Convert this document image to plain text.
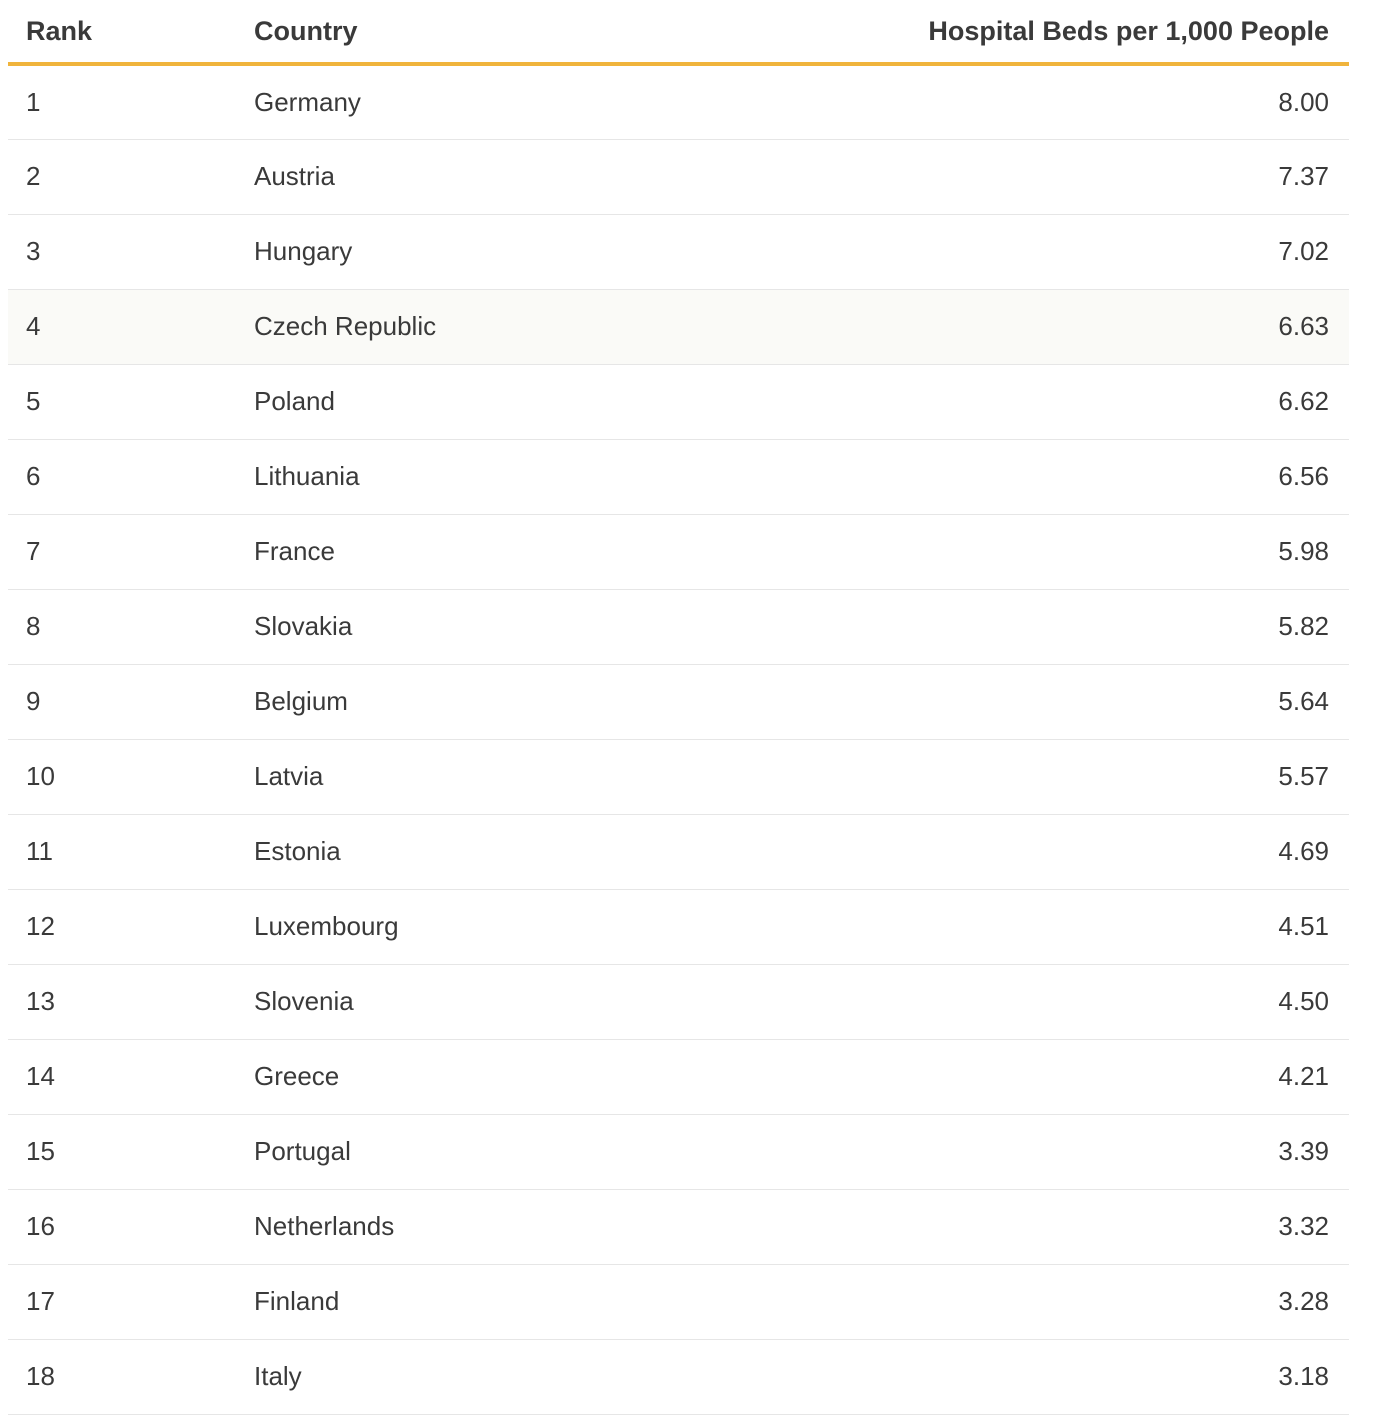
Rank	Country	Hospital Beds per 1,000 People
1	Germany	8.00
2	Austria	7.37
3	Hungary	7.02
4	Czech Republic	6.63
5	Poland	6.62
6	Lithuania	6.56
7	France	5.98
8	Slovakia	5.82
9	Belgium	5.64
10	Latvia	5.57
11	Estonia	4.69
12	Luxembourg	4.51
13	Slovenia	4.50
14	Greece	4.21
15	Portugal	3.39
16	Netherlands	3.32
17	Finland	3.28
18	Italy	3.18
